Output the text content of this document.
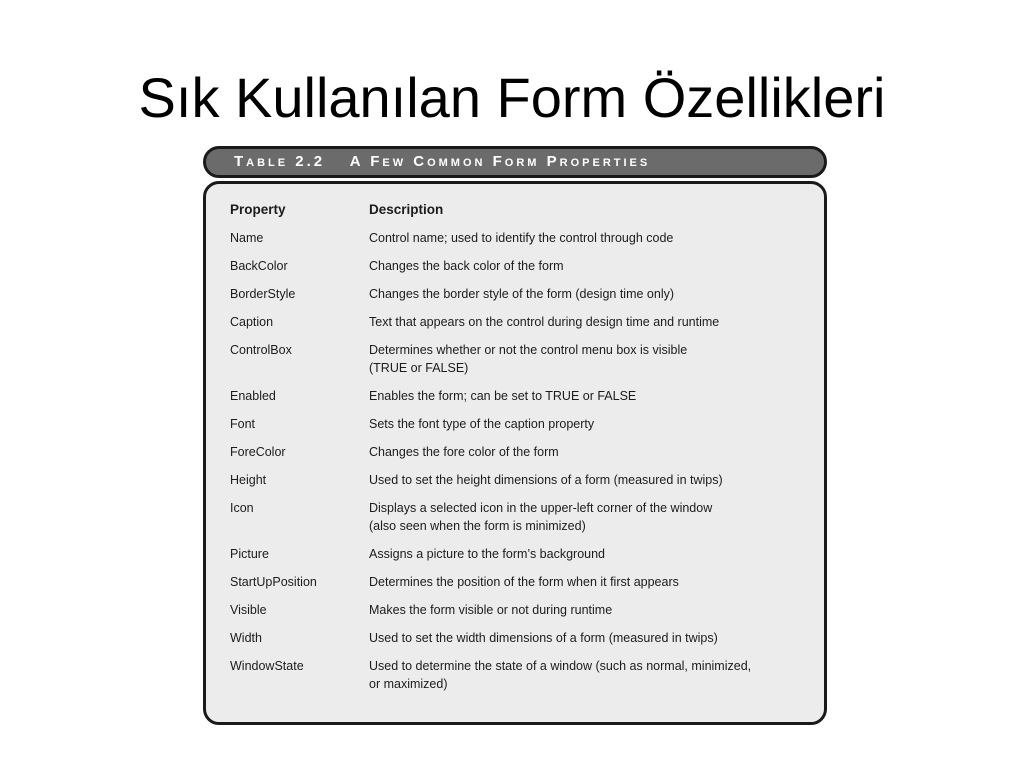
Sık Kullanılan Form Özellikleri
Table 2.2 A Few Common Form Properties
Property	Description
Name	Control name; used to identify the control through code

BackColor	Changes the back color of the form

BorderStyle	Changes the border style of the form (design time only)

Caption	Text that appears on the control during design time and runtime

ControlBox	Determines whether or not the control menu box is visible
(TRUE or FALSE)

Enabled	Enables the form; can be set to TRUE or FALSE

Font	Sets the font type of the caption property

ForeColor	Changes the fore color of the form

Height	Used to set the height dimensions of a form (measured in twips)

Icon	Displays a selected icon in the upper-left corner of the window
(also seen when the form is minimized)

Picture	Assigns a picture to the form’s background

StartUpPosition	Determines the position of the form when it first appears

Visible	Makes the form visible or not during runtime

Width	Used to set the width dimensions of a form (measured in twips)

WindowState	Used to determine the state of a window (such as normal, minimized,
or maximized)
